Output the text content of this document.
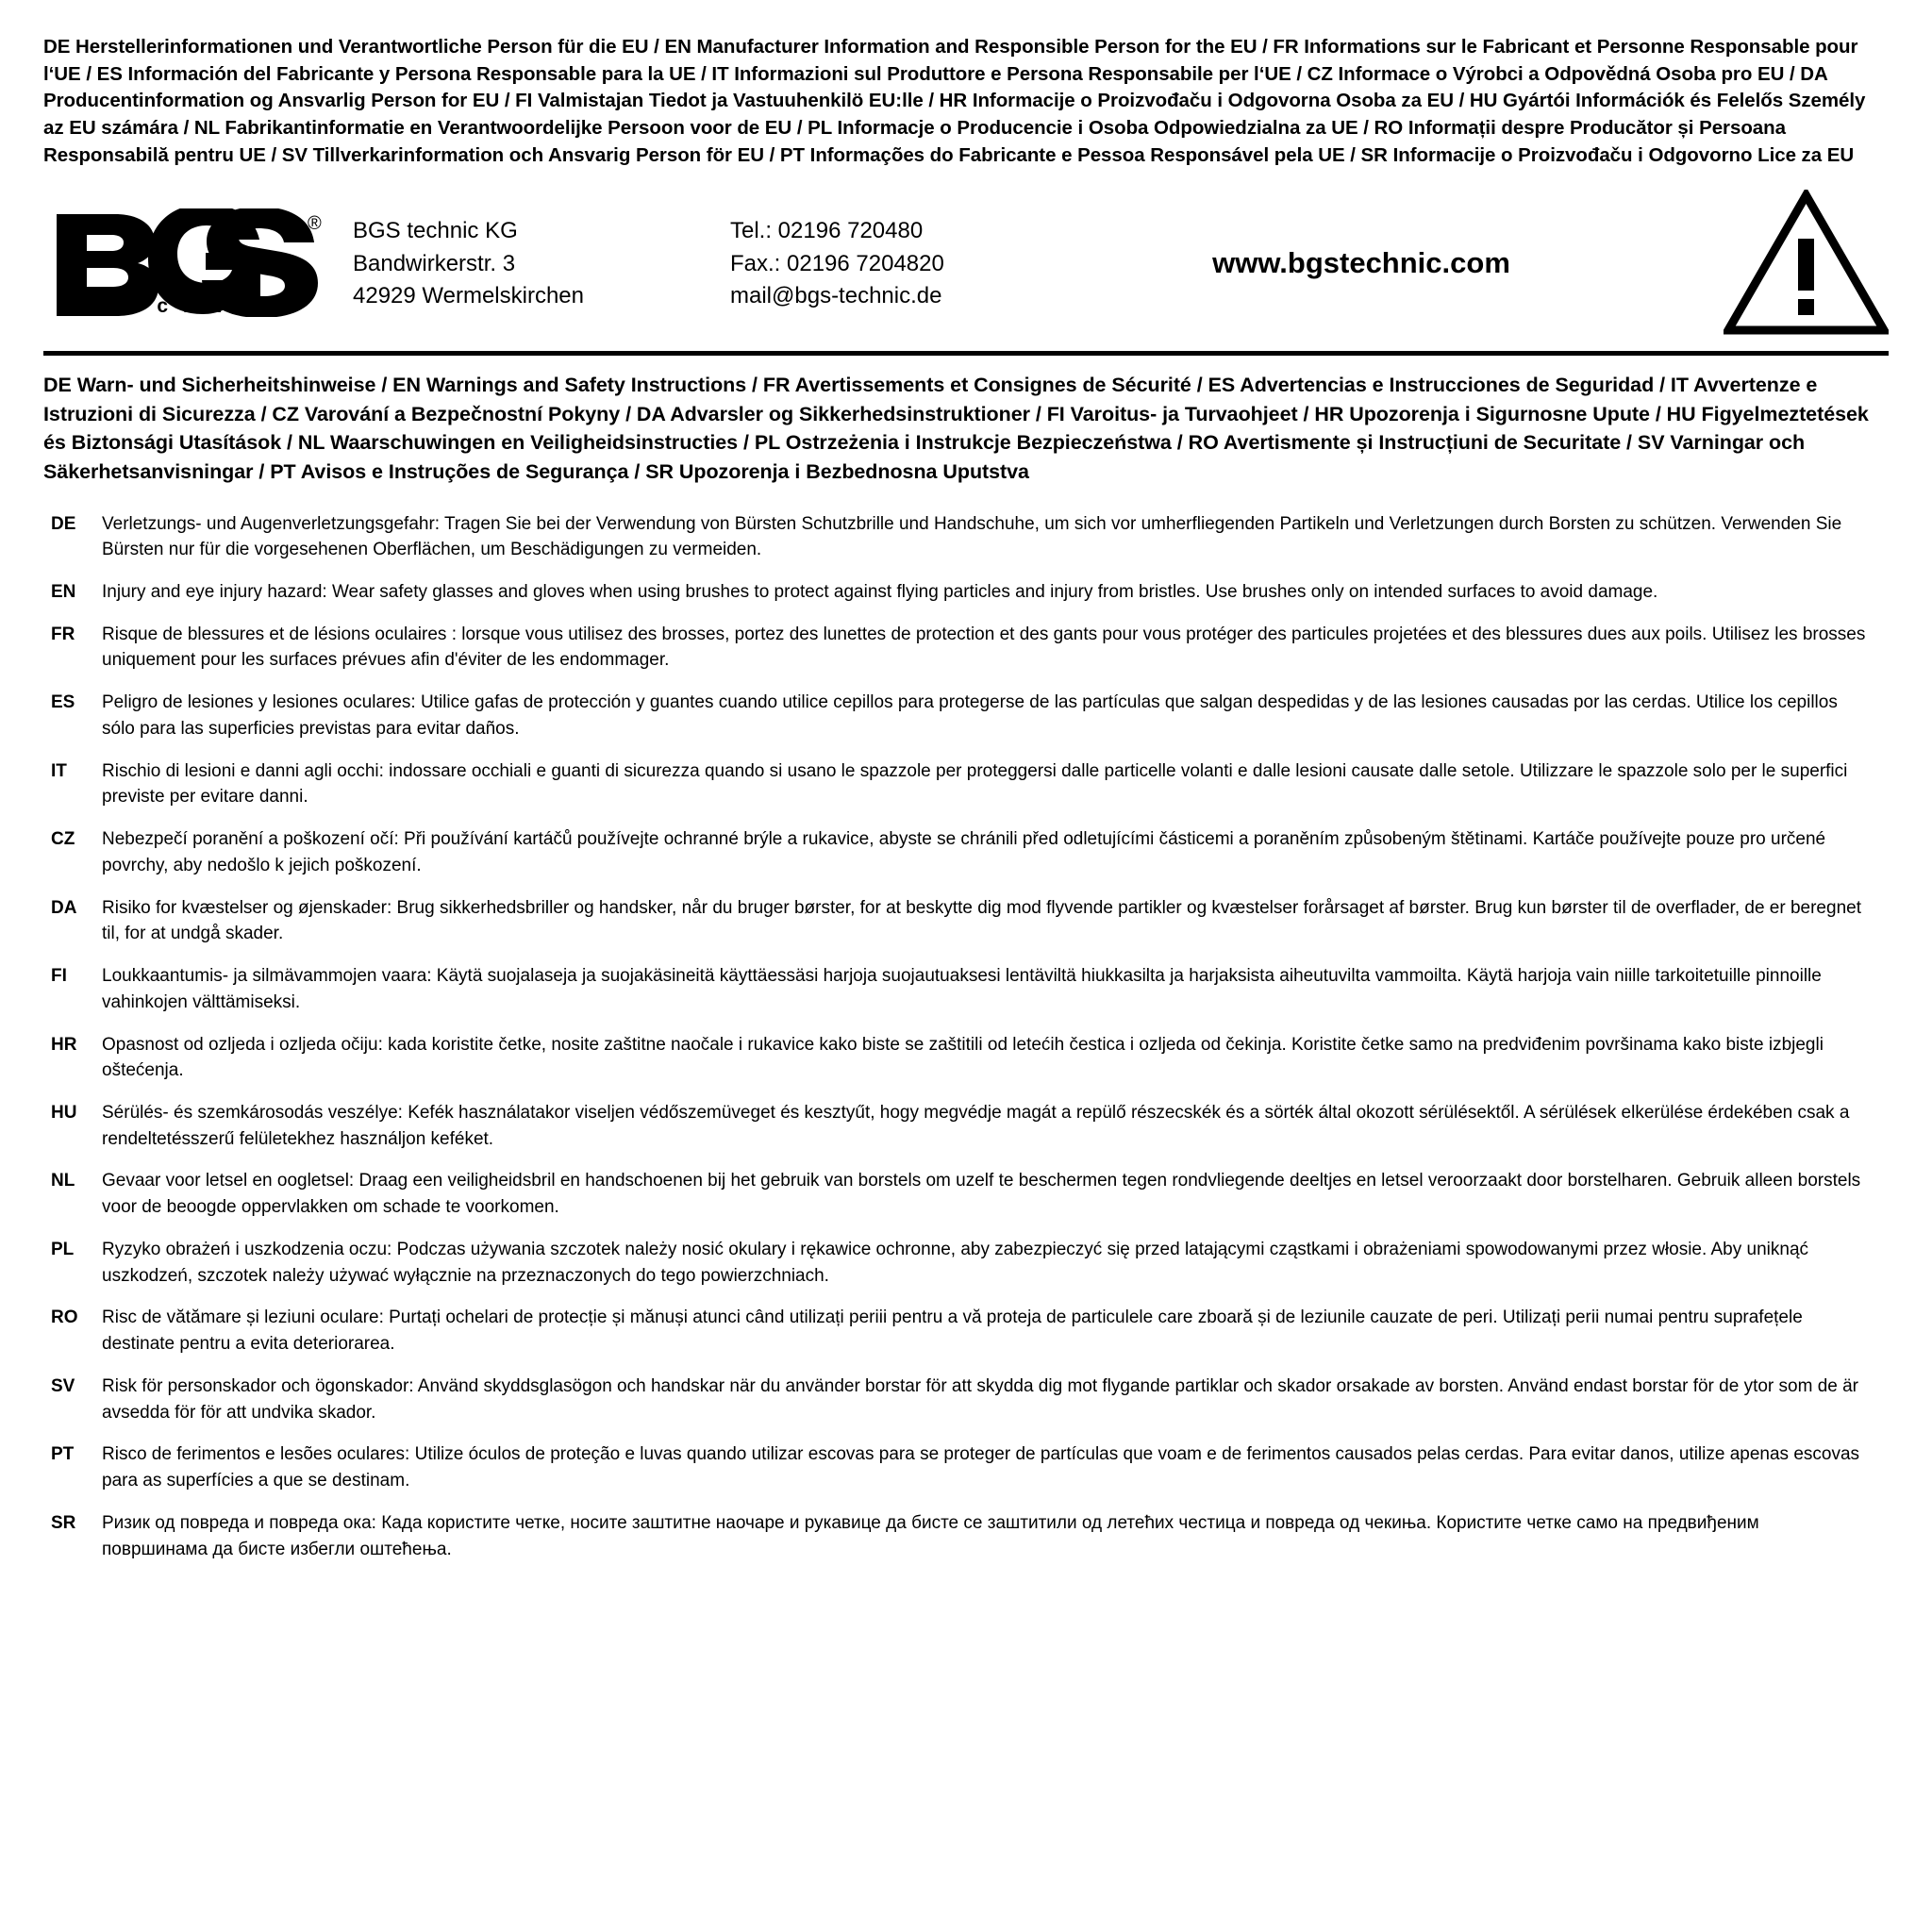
DE Herstellerinformationen und Verantwortliche Person für die EU / EN Manufacturer Information and Responsible Person for the EU / FR Informations sur le Fabricant et Personne Responsable pour l‘UE / ES Información del Fabricante y Persona Responsable para la UE / IT Informazioni sul Produttore e Persona Responsabile per l‘UE / CZ Informace o Výrobci a Odpovědná Osoba pro EU / DA Producentinformation og Ansvarlig Person for EU / FI Valmistajan Tiedot ja Vastuuhenkilö EU:lle / HR Informacije o Proizvođaču i Odgovorna Osoba za EU / HU Gyártói Információk és Felelős Személy az EU számára / NL Fabrikantinformatie en Verantwoordelijke Persoon voor de EU / PL Informacje o Producencie i Osoba Odpowiedzialna za UE / RO Informații despre Producător și Persoana Responsabilă pentru UE / SV Tillverkarinformation och Ansvarig Person för EU / PT Informações do Fabricante e Pessoa Responsável pela UE / SR Informacije o Proizvođaču i Odgovorno Lice za EU
t e c h n i c
® BGS technic KG
Bandwirkerstr. 3
42929 Wermelskirchen
Tel.: 02196 720480
Fax.: 02196 7204820
mail@bgs-technic.de
www.bgstechnic.com
DE Warn- und Sicherheitshinweise / EN Warnings and Safety Instructions / FR Avertissements et Consignes de Sécurité / ES Advertencias e Instrucciones de Seguridad / IT Avvertenze e Istruzioni di Sicurezza / CZ Varování a Bezpečnostní Pokyny / DA Advarsler og Sikkerhedsinstruktioner / FI Varoitus- ja Turvaohjeet / HR Upozorenja i Sigurnosne Upute / HU Figyelmeztetések és Biztonsági Utasítások / NL Waarschuwingen en Veiligheidsinstructies / PL Ostrzeżenia i Instrukcje Bezpieczeństwa / RO Avertismente și Instrucțiuni de Securitate / SV Varningar och Säkerhetsanvisningar / PT Avisos e Instruções de Segurança / SR Upozorenja i Bezbednosna Uputstva
DE	Verletzungs- und Augenverletzungsgefahr: Tragen Sie bei der Verwendung von Bürsten Schutzbrille und Handschuhe, um sich vor umherfliegenden Partikeln und Verletzungen durch Borsten zu schützen. Verwenden Sie Bürsten nur für die vorgesehenen Oberflächen, um Beschädigungen zu vermeiden.
EN	Injury and eye injury hazard: Wear safety glasses and gloves when using brushes to protect against flying particles and injury from bristles. Use brushes only on intended surfaces to avoid damage.
FR	Risque de blessures et de lésions oculaires : lorsque vous utilisez des brosses, portez des lunettes de protection et des gants pour vous protéger des particules projetées et des blessures dues aux poils. Utilisez les brosses uniquement pour les surfaces prévues afin d'éviter de les endommager.
ES	Peligro de lesiones y lesiones oculares: Utilice gafas de protección y guantes cuando utilice cepillos para protegerse de las partículas que salgan despedidas y de las lesiones causadas por las cerdas. Utilice los cepillos sólo para las superficies previstas para evitar daños.
IT	Rischio di lesioni e danni agli occhi: indossare occhiali e guanti di sicurezza quando si usano le spazzole per proteggersi dalle particelle volanti e dalle lesioni causate dalle setole. Utilizzare le spazzole solo per le superfici previste per evitare danni.
CZ	Nebezpečí poranění a poškození očí: Při používání kartáčů používejte ochranné brýle a rukavice, abyste se chránili před odletujícími částicemi a poraněním způsobeným štětinami. Kartáče používejte pouze pro určené povrchy, aby nedošlo k jejich poškození.
DA	Risiko for kvæstelser og øjenskader: Brug sikkerhedsbriller og handsker, når du bruger børster, for at beskytte dig mod flyvende partikler og kvæstelser forårsaget af børster. Brug kun børster til de overflader, de er beregnet til, for at undgå skader.
FI	Loukkaantumis- ja silmävammojen vaara: Käytä suojalaseja ja suojakäsineitä käyttäessäsi harjoja suojautuaksesi lentäviltä hiukkasilta ja harjaksista aiheutuvilta vammoilta. Käytä harjoja vain niille tarkoitetuille pinnoille vahinkojen välttämiseksi.
HR	Opasnost od ozljeda i ozljeda očiju: kada koristite četke, nosite zaštitne naočale i rukavice kako biste se zaštitili od letećih čestica i ozljeda od čekinja. Koristite četke samo na predviđenim površinama kako biste izbjegli oštećenja.
HU	Sérülés- és szemkárosodás veszélye: Kefék használatakor viseljen védőszemüveget és kesztyűt, hogy megvédje magát a repülő részecskék és a sörték által okozott sérülésektől. A sérülések elkerülése érdekében csak a rendeltetésszerű felületekhez használjon keféket.
NL	Gevaar voor letsel en oogletsel: Draag een veiligheidsbril en handschoenen bij het gebruik van borstels om uzelf te beschermen tegen rondvliegende deeltjes en letsel veroorzaakt door borstelharen. Gebruik alleen borstels voor de beoogde oppervlakken om schade te voorkomen.
PL	Ryzyko obrażeń i uszkodzenia oczu: Podczas używania szczotek należy nosić okulary i rękawice ochronne, aby zabezpieczyć się przed latającymi cząstkami i obrażeniami spowodowanymi przez włosie. Aby uniknąć uszkodzeń, szczotek należy używać wyłącznie na przeznaczonych do tego powierzchniach.
RO	Risc de vătămare și leziuni oculare: Purtați ochelari de protecție și mănuși atunci când utilizați periii pentru a vă proteja de particulele care zboară și de leziunile cauzate de peri. Utilizați perii numai pentru suprafețele destinate pentru a evita deteriorarea.
SV	Risk för personskador och ögonskador: Använd skyddsglasögon och handskar när du använder borstar för att skydda dig mot flygande partiklar och skador orsakade av borsten. Använd endast borstar för de ytor som de är avsedda för för att undvika skador.
PT	Risco de ferimentos e lesões oculares: Utilize óculos de proteção e luvas quando utilizar escovas para se proteger de partículas que voam e de ferimentos causados pelas cerdas. Para evitar danos, utilize apenas escovas para as superfícies a que se destinam.
SR	Ризик од повреда и повреда ока: Када користите четке, носите заштитне наочаре и рукавице да бисте се заштитили од летећих честица и повреда од чекиња. Користите четке само на предвиђеним површинама да бисте избегли оштећења.
